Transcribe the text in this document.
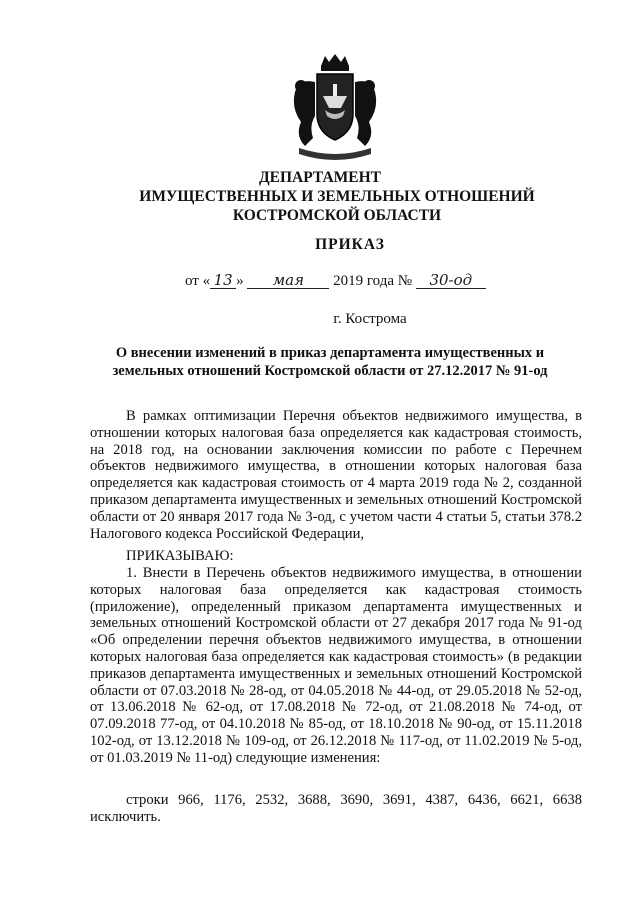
ДЕПАРТАМЕНТ
ИМУЩЕСТВЕННЫХ И ЗЕМЕЛЬНЫХ ОТНОШЕНИЙ
КОСТРОМСКОЙ ОБЛАСТИ
ПРИКАЗ
от « 13 » мая 2019 года № 30-од
г. Кострома
О внесении изменений в приказ департамента имущественных и
земельных отношений Костромской области от 27.12.2017 № 91-од

В рамках оптимизации Перечня объектов недвижимого имущества, в отношении которых налоговая база определяется как кадастровая стоимость, на 2018 год, на основании заключения комиссии по работе с Перечнем объектов недвижимого имущества, в отношении которых налоговая база определяется как кадастровая стоимость от 4 марта 2019 года № 2, созданной приказом департамента имущественных и земельных отношений Костромской области от 20 января 2017 года № 3-од, с учетом части 4 статьи 5, статьи 378.2 Налогового кодекса Российской Федерации,

ПРИКАЗЫВАЮ:

1. Внести в Перечень объектов недвижимого имущества, в отношении которых налоговая база определяется как кадастровая стоимость (приложение), определенный приказом департамента имущественных и земельных отношений Костромской области от 27 декабря 2017 года № 91-од «Об определении перечня объектов недвижимого имущества, в отношении которых налоговая база определяется как кадастровая стоимость» (в редакции приказов департамента имущественных и земельных отношений Костромской области от 07.03.2018 № 28-од, от 04.05.2018 № 44-од, от 29.05.2018 № 52-од, от 13.06.2018 № 62-од, от 17.08.2018 № 72-од, от 21.08.2018 № 74-од, от 07.09.2018 77-од, от 04.10.2018 № 85-од, от 18.10.2018 № 90-од, от 15.11.2018 102-од, от 13.12.2018 № 109-од, от 26.12.2018 № 117-од, от 11.02.2019 № 5-од, от 01.03.2019 № 11-од) следующие изменения:

строки 966, 1176, 2532, 3688, 3690, 3691, 4387, 6436, 6621, 6638 исключить.
